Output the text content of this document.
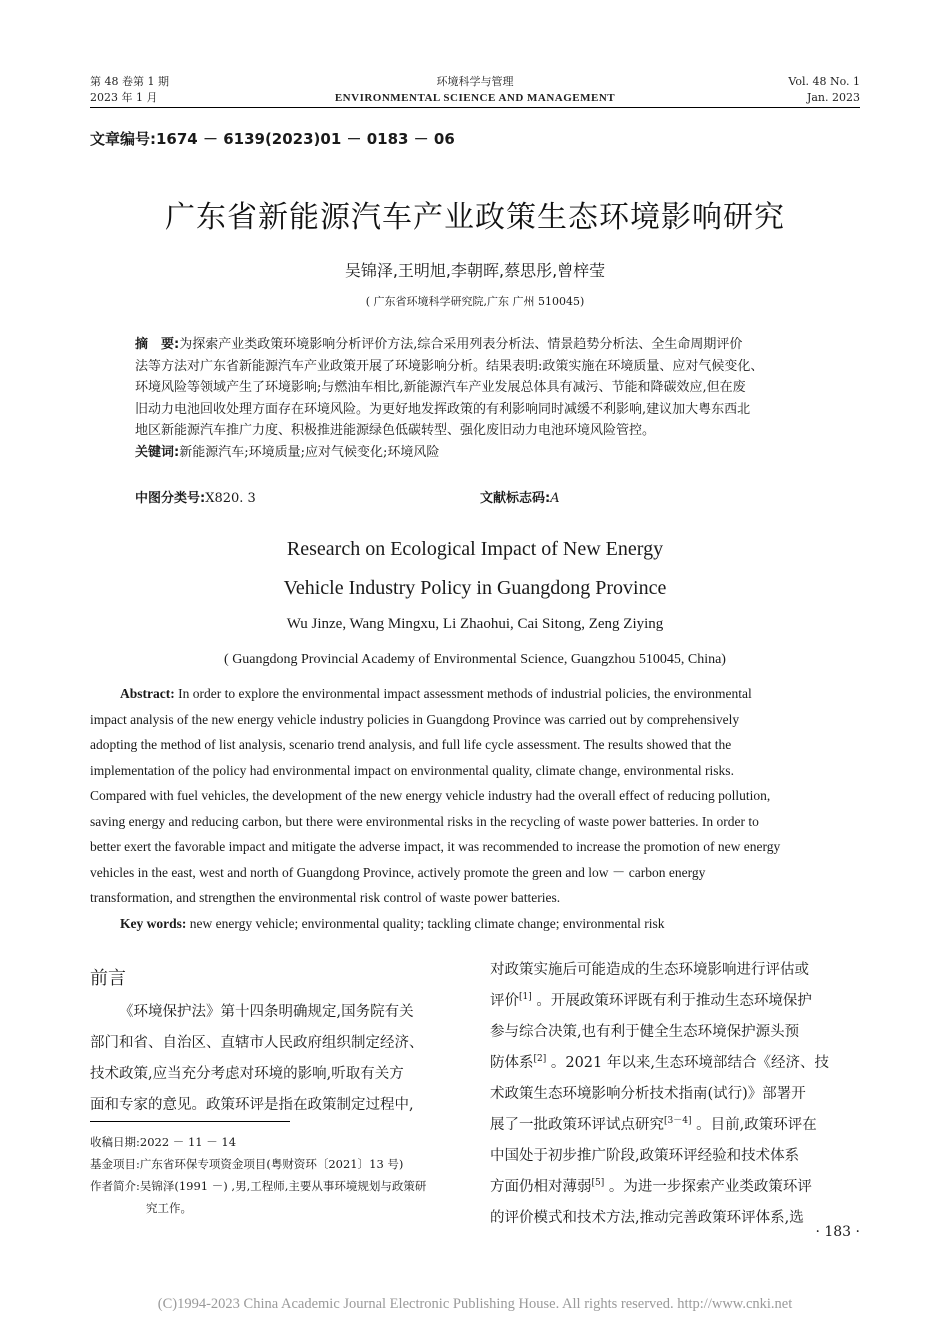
第 48 卷第 1 期
2023 年 1 月
环境科学与管理
ENVIRONMENTAL SCIENCE AND MANAGEMENT
Vol. 48 No. 1
Jan. 2023
文章编号:1674 － 6139(2023)01 － 0183 － 06
广东省新能源汽车产业政策生态环境影响研究
吴锦泽,王明旭,李朝晖,蔡思彤,曾梓莹
( 广东省环境科学研究院,广东 广州 510045)
摘　要:为探索产业类政策环境影响分析评价方法,综合采用列表分析法、情景趋势分析法、全生命周期评价
法等方法对广东省新能源汽车产业政策开展了环境影响分析。结果表明:政策实施在环境质量、应对气候变化、
环境风险等领域产生了环境影响;与燃油车相比,新能源汽车产业发展总体具有减污、节能和降碳效应,但在废
旧动力电池回收处理方面存在环境风险。为更好地发挥政策的有利影响同时减缓不利影响,建议加大粤东西北
地区新能源汽车推广力度、积极推进能源绿色低碳转型、强化废旧动力电池环境风险管控。
关键词:新能源汽车;环境质量;应对气候变化;环境风险
中图分类号:X820. 3	文献标志码:A
Research on Ecological Impact of New Energy
Vehicle Industry Policy in Guangdong Province
Wu Jinze, Wang Mingxu, Li Zhaohui, Cai Sitong, Zeng Ziying
( Guangdong Provincial Academy of Environmental Science, Guangzhou 510045, China)
Abstract: In order to explore the environmental impact assessment methods of industrial policies, the environmental
impact analysis of the new energy vehicle industry policies in Guangdong Province was carried out by comprehensively
adopting the method of list analysis, scenario trend analysis, and full life cycle assessment. The results showed that the
implementation of the policy had environmental impact on environmental quality, climate change, environmental risks.
Compared with fuel vehicles, the development of the new energy vehicle industry had the overall effect of reducing pollution,
saving energy and reducing carbon, but there were environmental risks in the recycling of waste power batteries. In order to
better exert the favorable impact and mitigate the adverse impact, it was recommended to increase the promotion of new energy
vehicles in the east, west and north of Guangdong Province, actively promote the green and low － carbon energy
transformation, and strengthen the environmental risk control of waste power batteries.
Key words: new energy vehicle; environmental quality; tackling climate change; environmental risk
前言
《环境保护法》第十四条明确规定,国务院有关
部门和省、自治区、直辖市人民政府组织制定经济、
技术政策,应当充分考虑对环境的影响,听取有关方
面和专家的意见。政策环评是指在政策制定过程中,
收稿日期:2022 － 11 － 14
基金项目:广东省环保专项资金项目(粤财资环〔2021〕13 号)
作者简介:吴锦泽(1991 －) ,男,工程师,主要从事环境规划与政策研
究工作。
对政策实施后可能造成的生态环境影响进行评估或
评价[1] 。开展政策环评既有利于推动生态环境保护
参与综合决策,也有利于健全生态环境保护源头预
防体系[2] 。2021 年以来,生态环境部结合《经济、技
术政策生态环境影响分析技术指南(试行)》部署开
展了一批政策环评试点研究[3－4] 。目前,政策环评在
中国处于初步推广阶段,政策环评经验和技术体系
方面仍相对薄弱[5] 。为进一步探索产业类政策环评
的评价模式和技术方法,推动完善政策环评体系,选
· 183 ·
(C)1994-2023 China Academic Journal Electronic Publishing House. All rights reserved. http://www.cnki.net
